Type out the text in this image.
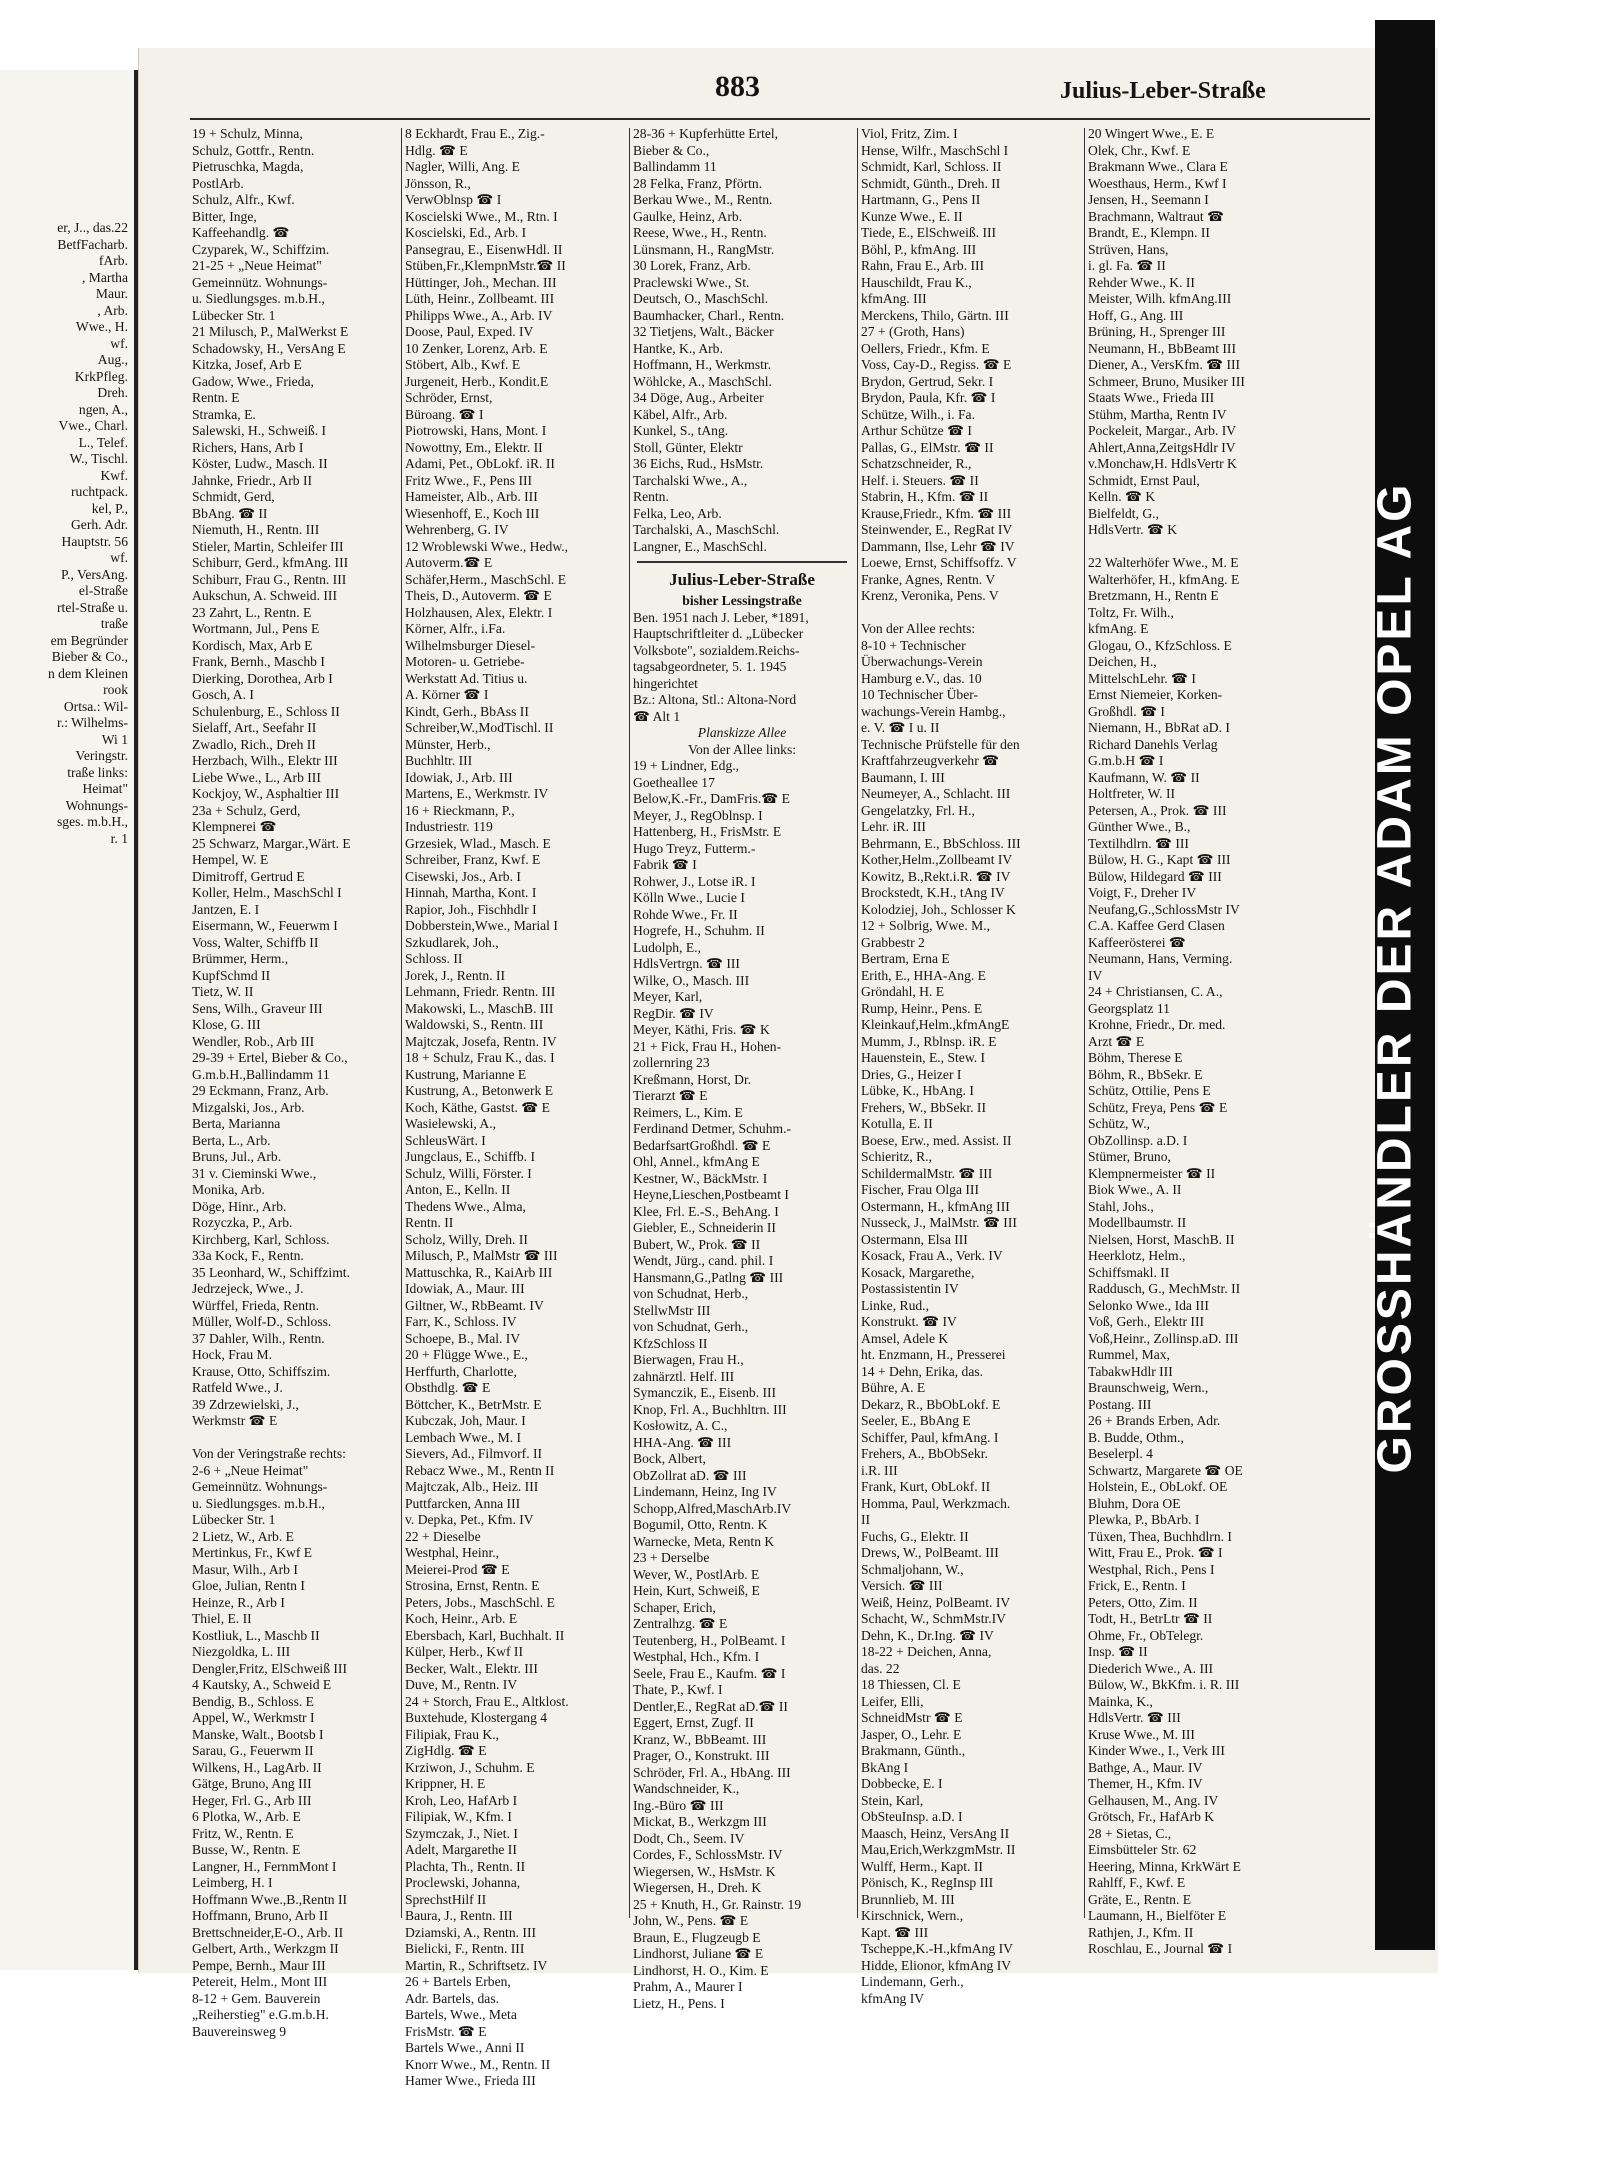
er, J.., das.22
BetfFacharb.
fArb.
, Martha
Maur.
, Arb.
Wwe., H.
wf.
Aug.,
KrkPfleg.
Dreh.
ngen, A.,
Vwe., Charl.
L., Telef.
W., Tischl.
Kwf.
ruchtpack.
kel, P.,
Gerh. Adr.
Hauptstr. 56
wf.
P., VersAng.
el-Straße
rtel-Straße u.
traße
em Begründer
Bieber & Co.,
n dem Kleinen
rook
Ortsa.: Wil-
r.: Wilhelms-
Wi 1
Veringstr.
traße links:
Heimat"
Wohnungs-
sges. m.b.H.,
r. 1
883	Julius-Leber-Straße
19 + Schulz, Minna,
Schulz, Gottfr., Rentn.
Pietruschka, Magda,
PostlArb.
Schulz, Alfr., Kwf.
Bitter, Inge,
Kaffeehandlg. ☎
Czyparek, W., Schiffzim.
21-25 + „Neue Heimat"
Gemeinnütz. Wohnungs-
u. Siedlungsges. m.b.H.,
Lübecker Str. 1
21 Milusch, P., MalWerkst E
Schadowsky, H., VersAng E
Kitzka, Josef, Arb E
Gadow, Wwe., Frieda,
Rentn. E
Stramka, E.
Salewski, H., Schweiß. I
Richers, Hans, Arb I
Köster, Ludw., Masch. II
Jahnke, Friedr., Arb II
Schmidt, Gerd,
BbAng. ☎ II
Niemuth, H., Rentn. III
Stieler, Martin, Schleifer III
Schiburr, Gerd., kfmAng. III
Schiburr, Frau G., Rentn. III
Aukschun, A. Schweid. III
23 Zahrt, L., Rentn. E
Wortmann, Jul., Pens E
Kordisch, Max, Arb E
Frank, Bernh., Maschb I
Dierking, Dorothea, Arb I
Gosch, A. I
Schulenburg, E., Schloss II
Sielaff, Art., Seefahr II
Zwadlo, Rich., Dreh II
Herzbach, Wilh., Elektr III
Liebe Wwe., L., Arb III
Kockjoy, W., Asphaltier III
23a + Schulz, Gerd,
Klempnerei ☎
25 Schwarz, Margar.,Wärt. E
Hempel, W. E
Dimitroff, Gertrud E
Koller, Helm., MaschSchl I
Jantzen, E. I
Eisermann, W., Feuerwm I
Voss, Walter, Schiffb II
Brümmer, Herm.,
KupfSchmd II
Tietz, W. II
Sens, Wilh., Graveur III
Klose, G. III
Wendler, Rob., Arb III
29-39 + Ertel, Bieber & Co.,
G.m.b.H.,Ballindamm 11
29 Eckmann, Franz, Arb.
Mizgalski, Jos., Arb.
Berta, Marianna
Berta, L., Arb.
Bruns, Jul., Arb.
31 v. Cieminski Wwe.,
Monika, Arb.
Döge, Hinr., Arb.
Rozyczka, P., Arb.
Kirchberg, Karl, Schloss.
33a Kock, F., Rentn.
35 Leonhard, W., Schiffzimt.
Jedrzejeck, Wwe., J.
Würffel, Frieda, Rentn.
Müller, Wolf-D., Schloss.
37 Dahler, Wilh., Rentn.
Hock, Frau M.
Krause, Otto, Schiffszim.
Ratfeld Wwe., J.
39 Zdrzewielski, J.,
Werkmstr ☎ E

Von der Veringstraße rechts:
2-6 + „Neue Heimat"
Gemeinnütz. Wohnungs-
u. Siedlungsges. m.b.H.,
Lübecker Str. 1
2 Lietz, W., Arb. E
Mertinkus, Fr., Kwf E
Masur, Wilh., Arb I
Gloe, Julian, Rentn I
Heinze, R., Arb I
Thiel, E. II
Kostliuk, L., Maschb II
Niezgoldka, L. III
Dengler,Fritz, ElSchweiß III
4 Kautsky, A., Schweid E
Bendig, B., Schloss. E
Appel, W., Werkmstr I
Manske, Walt., Bootsb I
Sarau, G., Feuerwm II
Wilkens, H., LagArb. II
Gätge, Bruno, Ang III
Heger, Frl. G., Arb III
6 Plotka, W., Arb. E
Fritz, W., Rentn. E
Busse, W., Rentn. E
Langner, H., FernmMont I
Leimberg, H. I
Hoffmann Wwe.,B.,Rentn II
Hoffmann, Bruno, Arb II
Brettschneider,E-O., Arb. II
Gelbert, Arth., Werkzgm II
Pempe, Bernh., Maur III
Petereit, Helm., Mont III
8-12 + Gem. Bauverein
„Reiherstieg" e.G.m.b.H.
Bauvereinsweg 9
8 Eckhardt, Frau E., Zig.-
Hdlg. ☎ E
Nagler, Willi, Ang. E
Jönsson, R.,
VerwOblnsp ☎ I
Koscielski Wwe., M., Rtn. I
Koscielski, Ed., Arb. I
Pansegrau, E., EisenwHdl. II
Stüben,Fr.,KlempnMstr.☎ II
Hüttinger, Joh., Mechan. III
Lüth, Heinr., Zollbeamt. III
Philipps Wwe., A., Arb. IV
Doose, Paul, Exped. IV
10 Zenker, Lorenz, Arb. E
Stöbert, Alb., Kwf. E
Jurgeneit, Herb., Kondit.E
Schröder, Ernst,
Büroang. ☎ I
Piotrowski, Hans, Mont. I
Nowottny, Em., Elektr. II
Adami, Pet., ObLokf. iR. II
Fritz Wwe., F., Pens III
Hameister, Alb., Arb. III
Wiesenhoff, E., Koch III
Wehrenberg, G. IV
12 Wroblewski Wwe., Hedw.,
Autoverm.☎ E
Schäfer,Herm., MaschSchl. E
Theis, D., Autoverm. ☎ E
Holzhausen, Alex, Elektr. I
Körner, Alfr., i.Fa.
Wilhelmsburger Diesel-
Motoren- u. Getriebe-
Werkstatt Ad. Titius u.
A. Körner ☎ I
Kindt, Gerh., BbAss II
Schreiber,W.,ModTischl. II
Münster, Herb.,
Buchhltr. III
Idowiak, J., Arb. III
Martens, E., Werkmstr. IV
16 + Rieckmann, P.,
Industriestr. 119
Grzesiek, Wlad., Masch. E
Schreiber, Franz, Kwf. E
Cisewski, Jos., Arb. I
Hinnah, Martha, Kont. I
Rapior, Joh., Fischhdlr I
Dobberstein,Wwe., Marial I
Szkudlarek, Joh.,
Schloss. II
Jorek, J., Rentn. II
Lehmann, Friedr. Rentn. III
Makowski, L., MaschB. III
Waldowski, S., Rentn. III
Majtczak, Josefa, Rentn. IV
18 + Schulz, Frau K., das. I
Kustrung, Marianne E
Kustrung, A., Betonwerk E
Koch, Käthe, Gastst. ☎ E
Wasielewski, A.,
SchleusWärt. I
Jungclaus, E., Schiffb. I
Schulz, Willi, Förster. I
Anton, E., Kelln. II
Thedens Wwe., Alma,
Rentn. II
Scholz, Willy, Dreh. II
Milusch, P., MalMstr ☎ III
Mattuschka, R., KaiArb III
Idowiak, A., Maur. III
Giltner, W., RbBeamt. IV
Farr, K., Schloss. IV
Schoepe, B., Mal. IV
20 + Flügge Wwe., E.,
Herffurth, Charlotte,
Obsthdlg. ☎ E
Böttcher, K., BetrMstr. E
Kubczak, Joh, Maur. I
Lembach Wwe., M. I
Sievers, Ad., Filmvorf. II
Rebacz Wwe., M., Rentn II
Majtczak, Alb., Heiz. III
Puttfarcken, Anna III
v. Depka, Pet., Kfm. IV
22 + Dieselbe
Westphal, Heinr.,
Meierei-Prod ☎ E
Strosina, Ernst, Rentn. E
Peters, Jobs., MaschSchl. E
Koch, Heinr., Arb. E
Ebersbach, Karl, Buchhalt. II
Külper, Herb., Kwf II
Becker, Walt., Elektr. III
Duve, M., Rentn. IV
24 + Storch, Frau E., Altklost.
Buxtehude, Klostergang 4
Filipiak, Frau K.,
ZigHdlg. ☎ E
Krziwon, J., Schuhm. E
Krippner, H. E
Kroh, Leo, HafArb I
Filipiak, W., Kfm. I
Szymczak, J., Niet. I
Adelt, Margarethe II
Plachta, Th., Rentn. II
Proclewski, Johanna,
SprechstHilf II
Baura, J., Rentn. III
Dziamski, A., Rentn. III
Bielicki, F., Rentn. III
Martin, R., Schriftsetz. IV
26 + Bartels Erben,
Adr. Bartels, das.
Bartels, Wwe., Meta
FrisMstr. ☎ E
Bartels Wwe., Anni II
Knorr Wwe., M., Rentn. II
Hamer Wwe., Frieda III
28-36 + Kupferhütte Ertel,
Bieber & Co.,
Ballindamm 11
28 Felka, Franz, Pförtn.
Berkau Wwe., M., Rentn.
Gaulke, Heinz, Arb.
Reese, Wwe., H., Rentn.
Lünsmann, H., RangMstr.
30 Lorek, Franz, Arb.
Praclewski Wwe., St.
Deutsch, O., MaschSchl.
Baumhacker, Charl., Rentn.
32 Tietjens, Walt., Bäcker
Hantke, K., Arb.
Hoffmann, H., Werkmstr.
Wöhlcke, A., MaschSchl.
34 Döge, Aug., Arbeiter
Käbel, Alfr., Arb.
Kunkel, S., tAng.
Stoll, Günter, Elektr
36 Eichs, Rud., HsMstr.
Tarchalski Wwe., A.,
Rentn.
Felka, Leo, Arb.
Tarchalski, A., MaschSchl.
Langner, E., MaschSchl.
Julius-Leber-Straße
bisher Lessingstraße
Ben. 1951 nach J. Leber, *1891,
Hauptschriftleiter d. „Lübecker
Volksbote", sozialdem.Reichs-
tagsabgeordneter, 5. 1. 1945
hingerichtet
Bz.: Altona, Stl.: Altona-Nord
☎ Alt 1
Planskizze Allee
Von der Allee links:
19 + Lindner, Edg.,
Goetheallee 17
Below,K.-Fr., DamFris.☎ E
Meyer, J., RegOblnsp. I
Hattenberg, H., FrisMstr. E
Hugo Treyz, Futterm.-
Fabrik ☎ I
Rohwer, J., Lotse iR. I
Kölln Wwe., Lucie I
Rohde Wwe., Fr. II
Hogrefe, H., Schuhm. II
Ludolph, E.,
HdlsVertrgn. ☎ III
Wilke, O., Masch. III
Meyer, Karl,
RegDir. ☎ IV
Meyer, Käthi, Fris. ☎ K
21 + Fick, Frau H., Hohen-
zollernring 23
Kreßmann, Horst, Dr.
Tierarzt ☎ E
Reimers, L., Kim. E
Ferdinand Detmer, Schuhm.-
BedarfsartGroßhdl. ☎ E
Ohl, Annel., kfmAng E
Kestner, W., BäckMstr. I
Heyne,Lieschen,Postbeamt I
Klee, Frl. E.-S., BehAng. I
Giebler, E., Schneiderin II
Bubert, W., Prok. ☎ II
Wendt, Jürg., cand. phil. I
Hansmann,G.,Patlng ☎ III
von Schudnat, Herb.,
StellwMstr III
von Schudnat, Gerh.,
KfzSchloss II
Bierwagen, Frau H.,
zahnärztl. Helf. III
Symanczik, E., Eisenb. III
Knop, Frl. A., Buchhltrn. III
Kosłowitz, A. C.,
HHA-Ang. ☎ III
Bock, Albert,
ObZollrat aD. ☎ III
Lindemann, Heinz, Ing IV
Schopp,Alfred,MaschArb.IV
Bogumil, Otto, Rentn. K
Warnecke, Meta, Rentn K
23 + Derselbe
Wever, W., PostlArb. E
Hein, Kurt, Schweiß, E
Schaper, Erich,
Zentralhzg. ☎ E
Teutenberg, H., PolBeamt. I
Westphal, Hch., Kfm. I
Seele, Frau E., Kaufm. ☎ I
Thate, P., Kwf. I
Dentler,E., RegRat aD.☎ II
Eggert, Ernst, Zugf. II
Kranz, W., BbBeamt. III
Prager, O., Konstrukt. III
Schröder, Frl. A., HbAng. III
Wandschneider, K.,
Ing.-Büro ☎ III
Mickat, B., Werkzgm III
Dodt, Ch., Seem. IV
Cordes, F., SchlossMstr. IV
Wiegersen, W., HsMstr. K
Wiegersen, H., Dreh. K
25 + Knuth, H., Gr. Rainstr. 19
John, W., Pens. ☎ E
Braun, E., Flugzeugb E
Lindhorst, Juliane ☎ E
Lindhorst, H. O., Kim. E
Prahm, A., Maurer I
Lietz, H., Pens. I
Viol, Fritz, Zim. I
Hense, Wilfr., MaschSchl I
Schmidt, Karl, Schloss. II
Schmidt, Günth., Dreh. II
Hartmann, G., Pens II
Kunze Wwe., E. II
Tiede, E., ElSchweiß. III
Böhl, P., kfmAng. III
Rahn, Frau E., Arb. III
Hauschildt, Frau K.,
kfmAng. III
Merckens, Thilo, Gärtn. III
27 + (Groth, Hans)
Oellers, Friedr., Kfm. E
Voss, Cay-D., Regiss. ☎ E
Brydon, Gertrud, Sekr. I
Brydon, Paula, Kfr. ☎ I
Schütze, Wilh., i. Fa.
Arthur Schütze ☎ I
Pallas, G., ElMstr. ☎ II
Schatzschneider, R.,
Helf. i. Steuers. ☎ II
Stabrin, H., Kfm. ☎ II
Krause,Friedr., Kfm. ☎ III
Steinwender, E., RegRat IV
Dammann, Ilse, Lehr ☎ IV
Loewe, Ernst, Schiffsoffz. V
Franke, Agnes, Rentn. V
Krenz, Veronika, Pens. V

Von der Allee rechts:
8-10 + Technischer
Überwachungs-Verein
Hamburg e.V., das. 10
10 Technischer Über-
wachungs-Verein Hambg.,
e. V. ☎ I u. II
Technische Prüfstelle für den
Kraftfahrzeugverkehr ☎
Baumann, I. III
Neumeyer, A., Schlacht. III
Gengelatzky, Frl. H.,
Lehr. iR. III
Behrmann, E., BbSchloss. III
Kother,Helm.,Zollbeamt IV
Kowitz, B.,Rekt.i.R. ☎ IV
Brockstedt, K.H., tAng IV
Kolodziej, Joh., Schlosser K
12 + Solbrig, Wwe. M.,
Grabbestr 2
Bertram, Erna E
Erith, E., HHA-Ang. E
Gröndahl, H. E
Rump, Heinr., Pens. E
Kleinkauf,Helm.,kfmAngE
Mumm, J., Rblnsp. iR. E
Hauenstein, E., Stew. I
Dries, G., Heizer I
Lübke, K., HbAng. I
Frehers, W., BbSekr. II
Kotulla, E. II
Boese, Erw., med. Assist. II
Schieritz, R.,
SchildermalMstr. ☎ III
Fischer, Frau Olga III
Ostermann, H., kfmAng III
Nusseck, J., MalMstr. ☎ III
Ostermann, Elsa III
Kosack, Frau A., Verk. IV
Kosack, Margarethe,
Postassistentin IV
Linke, Rud.,
Konstrukt. ☎ IV
Amsel, Adele K
ht. Enzmann, H., Presserei
14 + Dehn, Erika, das.
Bühre, A. E
Dekarz, R., BbObLokf. E
Seeler, E., BbAng E
Schiffer, Paul, kfmAng. I
Frehers, A., BbObSekr.
i.R. III
Frank, Kurt, ObLokf. II
Homma, Paul, Werkzmach.
II
Fuchs, G., Elektr. II
Drews, W., PolBeamt. III
Schmaljohann, W.,
Versich. ☎ III
Weiß, Heinz, PolBeamt. IV
Schacht, W., SchmMstr.IV
Dehn, K., Dr.Ing. ☎ IV
18-22 + Deichen, Anna,
das. 22
18 Thiessen, Cl. E
Leifer, Elli,
SchneidMstr ☎ E
Jasper, O., Lehr. E
Brakmann, Günth.,
BkAng I
Dobbecke, E. I
Stein, Karl,
ObSteuInsp. a.D. I
Maasch, Heinz, VersAng II
Mau,Erich,WerkzgmMstr. II
Wulff, Herm., Kapt. II
Pönisch, K., RegInsp III
Brunnlieb, M. III
Kirschnick, Wern.,
Kapt. ☎ III
Tscheppe,K.-H.,kfmAng IV
Hidde, Elionor, kfmAng IV
Lindemann, Gerh.,
kfmAng IV
20 Wingert Wwe., E. E
Olek, Chr., Kwf. E
Brakmann Wwe., Clara E
Woesthaus, Herm., Kwf I
Jensen, H., Seemann I
Brachmann, Waltraut ☎
Brandt, E., Klempn. II
Strüven, Hans,
i. gl. Fa. ☎ II
Rehder Wwe., K. II
Meister, Wilh. kfmAng.III
Hoff, G., Ang. III
Brüning, H., Sprenger III
Neumann, H., BbBeamt III
Diener, A., VersKfm. ☎ III
Schmeer, Bruno, Musiker III
Staats Wwe., Frieda III
Stühm, Martha, Rentn IV
Pockeleit, Margar., Arb. IV
Ahlert,Anna,ZeitgsHdlr IV
v.Monchaw,H. HdlsVertr K
Schmidt, Ernst Paul,
Kelln. ☎ K
Bielfeldt, G.,
HdlsVertr. ☎ K

22 Walterhöfer Wwe., M. E
Walterhöfer, H., kfmAng. E
Bretzmann, H., Rentn E
Toltz, Fr. Wilh.,
kfmAng. E
Glogau, O., KfzSchloss. E
Deichen, H.,
MittelschLehr. ☎ I
Ernst Niemeier, Korken-
Großhdl. ☎ I
Niemann, H., BbRat aD. I
Richard Danehls Verlag
G.m.b.H ☎ I
Kaufmann, W. ☎ II
Holtfreter, W. II
Petersen, A., Prok. ☎ III
Günther Wwe., B.,
Textilhdlrn. ☎ III
Bülow, H. G., Kapt ☎ III
Bülow, Hildegard ☎ III
Voigt, F., Dreher IV
Neufang,G.,SchlossMstr IV
C.A. Kaffee Gerd Clasen
Kaffeerösterei ☎
Neumann, Hans, Verming.
IV
24 + Christiansen, C. A.,
Georgsplatz 11
Krohne, Friedr., Dr. med.
Arzt ☎ E
Böhm, Therese E
Böhm, R., BbSekr. E
Schütz, Ottilie, Pens E
Schütz, Freya, Pens ☎ E
Schütz, W.,
ObZollinsp. a.D. I
Stümer, Bruno,
Klempnermeister ☎ II
Biok Wwe., A. II
Stahl, Johs.,
Modellbaumstr. II
Nielsen, Horst, MaschB. II
Heerklotz, Helm.,
Schiffsmakl. II
Raddusch, G., MechMstr. II
Selonko Wwe., Ida III
Voß, Gerh., Elektr III
Voß,Heinr., Zollinsp.aD. III
Rummel, Max,
TabakwHdlr III
Braunschweig, Wern.,
Postang. III
26 + Brands Erben, Adr.
B. Budde, Othm.,
Beselerpl. 4
Schwartz, Margarete ☎ OE
Holstein, E., ObLokf. OE
Bluhm, Dora OE
Plewka, P., BbArb. I
Tüxen, Thea, Buchhdlrn. I
Witt, Frau E., Prok. ☎ I
Westphal, Rich., Pens I
Frick, E., Rentn. I
Peters, Otto, Zim. II
Todt, H., BetrLtr ☎ II
Ohme, Fr., ObTelegr.
Insp. ☎ II
Diederich Wwe., A. III
Bülow, W., BkKfm. i. R. III
Mainka, K.,
HdlsVertr. ☎ III
Kruse Wwe., M. III
Kinder Wwe., I., Verk III
Bathge, A., Maur. IV
Themer, H., Kfm. IV
Gelhausen, M., Ang. IV
Grötsch, Fr., HafArb K
28 + Sietas, C.,
Eimsbütteler Str. 62
Heering, Minna, KrkWärt E
Rahlff, F., Kwf. E
Gräte, E., Rentn. E
Laumann, H., Bielföter E
Rathjen, J., Kfm. II
Roschlau, E., Journal ☎ I
GROSSHÄNDLER DER ADAM OPEL AG
